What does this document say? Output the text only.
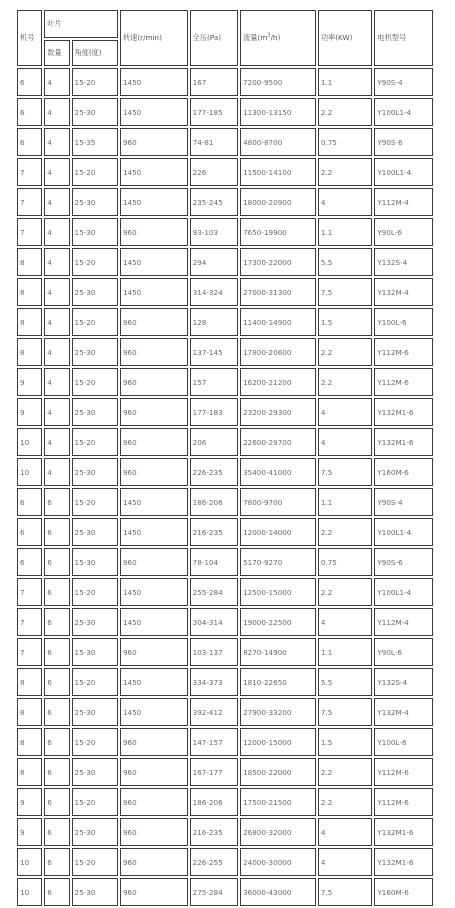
机号	叶片		转速(r/min)	全压(Pa)	流量$(m^3/h)$	功率(KW)	电机型号
	数量	角度(度)					
6	4	15-20	1450	167	7200-9500	1.1	Y90S-4
6	4	25-30	1450	177-185	11300-13150	2.2	Y100L1-4
6	4	15-35	960	74-81	4800-8700	0.75	Y90S-6
7	4	15-20	1450	226	11500-14100	2.2	Y100L1-4
7	4	25-30	1450	235-245	18000-20900	4	Y112M-4
7	4	15-30	960	93-103	7650-19900	1.1	Y90L-6
8	4	15-20	1450	294	17300-22000	5.5	Y132S-4
8	4	25-30	1450	314-324	27000-31300	7.5	Y132M-4
8	4	15-20	960	128	11400-14900	1.5	Y100L-6
8	4	25-30	960	137-145	17800-20600	2.2	Y112M-6
9	4	15-20	960	157	16200-21200	2.2	Y112M-6
9	4	25-30	960	177-183	23200-29300	4	Y132M1-6
10	4	15-20	960	206	22600-29700	4	Y132M1-6
10	4	25-30	960	226-235	35400-41000	7.5	Y160M-6
6	6	15-20	1450	186-206	7800-9700	1.1	Y90S-4
6	6	25-30	1450	216-235	12000-14000	2.2	Y100L1-4
6	6	15-30	960	78-104	5170-9270	0.75	Y90S-6
7	6	15-20	1450	255-284	12500-15000	2.2	Y100L1-4
7	6	25-30	1450	304-314	19000-22500	4	Y112M-4
7	6	15-30	960	103-137	8270-14900	1.1	Y90L-6
8	6	15-20	1450	334-373	1810-22650	5.5	Y132S-4
8	6	25-30	1450	392-412	27900-33200	7.5	Y132M-4
8	6	15-20	960	147-157	12000-15000	1.5	Y100L-6
8	6	25-30	960	167-177	18500-22000	2.2	Y112M-6
9	6	15-20	960	186-206	17500-21500	2.2	Y112M-6
9	6	25-30	960	216-235	26800-32000	4	Y132M1-6
10	6	15-20	960	226-255	24000-30000	4	Y132M1-6
10	6	25-30	960	275-284	36000-43000	7.5	Y160M-6
